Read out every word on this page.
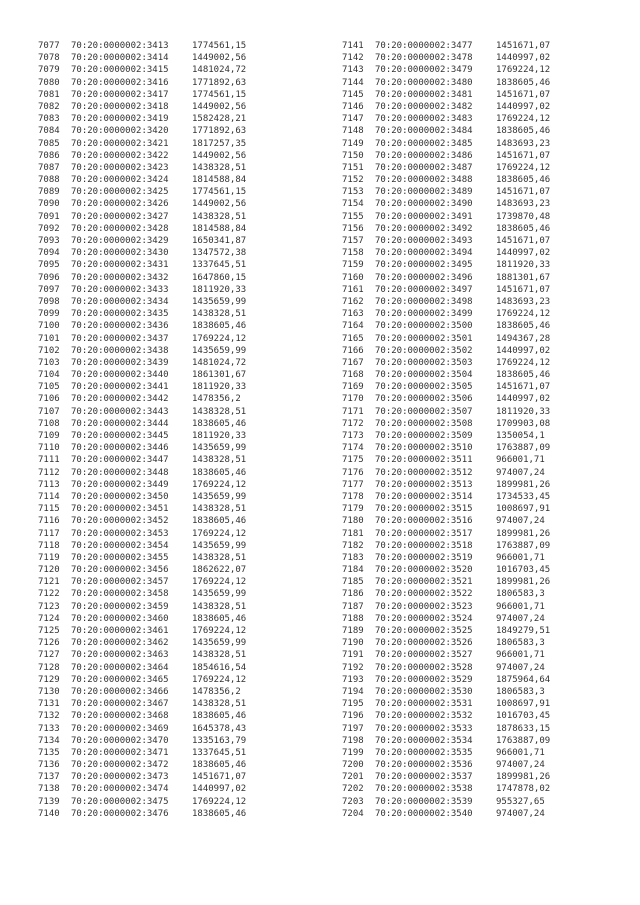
7077 70:20:0000002:3413	1774561,15
7078 70:20:0000002:3414	1449002,56
7079 70:20:0000002:3415	1481024,72
7080 70:20:0000002:3416	1771892,63
7081 70:20:0000002:3417	1774561,15
7082 70:20:0000002:3418	1449002,56
7083 70:20:0000002:3419	1582428,21
7084 70:20:0000002:3420	1771892,63
7085 70:20:0000002:3421	1817257,35
7086 70:20:0000002:3422	1449002,56
7087 70:20:0000002:3423	1438328,51
7088 70:20:0000002:3424	1814588,84
7089 70:20:0000002:3425	1774561,15
7090 70:20:0000002:3426	1449002,56
7091 70:20:0000002:3427	1438328,51
7092 70:20:0000002:3428	1814588,84
7093 70:20:0000002:3429	1650341,87
7094 70:20:0000002:3430	1347572,38
7095 70:20:0000002:3431	1337645,51
7096 70:20:0000002:3432	1647860,15
7097 70:20:0000002:3433	1811920,33
7098 70:20:0000002:3434	1435659,99
7099 70:20:0000002:3435	1438328,51
7100 70:20:0000002:3436	1838605,46
7101 70:20:0000002:3437	1769224,12
7102 70:20:0000002:3438	1435659,99
7103 70:20:0000002:3439	1481024,72
7104 70:20:0000002:3440	1861301,67
7105 70:20:0000002:3441	1811920,33
7106 70:20:0000002:3442	1478356,2
7107 70:20:0000002:3443	1438328,51
7108 70:20:0000002:3444	1838605,46
7109 70:20:0000002:3445	1811920,33
7110 70:20:0000002:3446	1435659,99
7111 70:20:0000002:3447	1438328,51
7112 70:20:0000002:3448	1838605,46
7113 70:20:0000002:3449	1769224,12
7114 70:20:0000002:3450	1435659,99
7115 70:20:0000002:3451	1438328,51
7116 70:20:0000002:3452	1838605,46
7117 70:20:0000002:3453	1769224,12
7118 70:20:0000002:3454	1435659,99
7119 70:20:0000002:3455	1438328,51
7120 70:20:0000002:3456	1862622,07
7121 70:20:0000002:3457	1769224,12
7122 70:20:0000002:3458	1435659,99
7123 70:20:0000002:3459	1438328,51
7124 70:20:0000002:3460	1838605,46
7125 70:20:0000002:3461	1769224,12
7126 70:20:0000002:3462	1435659,99
7127 70:20:0000002:3463	1438328,51
7128 70:20:0000002:3464	1854616,54
7129 70:20:0000002:3465	1769224,12
7130 70:20:0000002:3466	1478356,2
7131 70:20:0000002:3467	1438328,51
7132 70:20:0000002:3468	1838605,46
7133 70:20:0000002:3469	1645378,43
7134 70:20:0000002:3470	1335163,79
7135 70:20:0000002:3471	1337645,51
7136 70:20:0000002:3472	1838605,46
7137 70:20:0000002:3473	1451671,07
7138 70:20:0000002:3474	1440997,02
7139 70:20:0000002:3475	1769224,12
7140 70:20:0000002:3476	1838605,46
7141 70:20:0000002:3477	1451671,07
7142 70:20:0000002:3478	1440997,02
7143 70:20:0000002:3479	1769224,12
7144 70:20:0000002:3480	1838605,46
7145 70:20:0000002:3481	1451671,07
7146 70:20:0000002:3482	1440997,02
7147 70:20:0000002:3483	1769224,12
7148 70:20:0000002:3484	1838605,46
7149 70:20:0000002:3485	1483693,23
7150 70:20:0000002:3486	1451671,07
7151 70:20:0000002:3487	1769224,12
7152 70:20:0000002:3488	1838605,46
7153 70:20:0000002:3489	1451671,07
7154 70:20:0000002:3490	1483693,23
7155 70:20:0000002:3491	1739870,48
7156 70:20:0000002:3492	1838605,46
7157 70:20:0000002:3493	1451671,07
7158 70:20:0000002:3494	1440997,02
7159 70:20:0000002:3495	1811920,33
7160 70:20:0000002:3496	1881301,67
7161 70:20:0000002:3497	1451671,07
7162 70:20:0000002:3498	1483693,23
7163 70:20:0000002:3499	1769224,12
7164 70:20:0000002:3500	1838605,46
7165 70:20:0000002:3501	1494367,28
7166 70:20:0000002:3502	1440997,02
7167 70:20:0000002:3503	1769224,12
7168 70:20:0000002:3504	1838605,46
7169 70:20:0000002:3505	1451671,07
7170 70:20:0000002:3506	1440997,02
7171 70:20:0000002:3507	1811920,33
7172 70:20:0000002:3508	1709903,08
7173 70:20:0000002:3509	1350054,1
7174 70:20:0000002:3510	1763887,09
7175 70:20:0000002:3511	966001,71
7176 70:20:0000002:3512	974007,24
7177 70:20:0000002:3513	1899981,26
7178 70:20:0000002:3514	1734533,45
7179 70:20:0000002:3515	1008697,91
7180 70:20:0000002:3516	974007,24
7181 70:20:0000002:3517	1899981,26
7182 70:20:0000002:3518	1763887,09
7183 70:20:0000002:3519	966001,71
7184 70:20:0000002:3520	1016703,45
7185 70:20:0000002:3521	1899981,26
7186 70:20:0000002:3522	1806583,3
7187 70:20:0000002:3523	966001,71
7188 70:20:0000002:3524	974007,24
7189 70:20:0000002:3525	1849279,51
7190 70:20:0000002:3526	1806583,3
7191 70:20:0000002:3527	966001,71
7192 70:20:0000002:3528	974007,24
7193 70:20:0000002:3529	1875964,64
7194 70:20:0000002:3530	1806583,3
7195 70:20:0000002:3531	1008697,91
7196 70:20:0000002:3532	1016703,45
7197 70:20:0000002:3533	1878633,15
7198 70:20:0000002:3534	1763887,09
7199 70:20:0000002:3535	966001,71
7200 70:20:0000002:3536	974007,24
7201 70:20:0000002:3537	1899981,26
7202 70:20:0000002:3538	1747878,02
7203 70:20:0000002:3539	955327,65
7204 70:20:0000002:3540	974007,24
